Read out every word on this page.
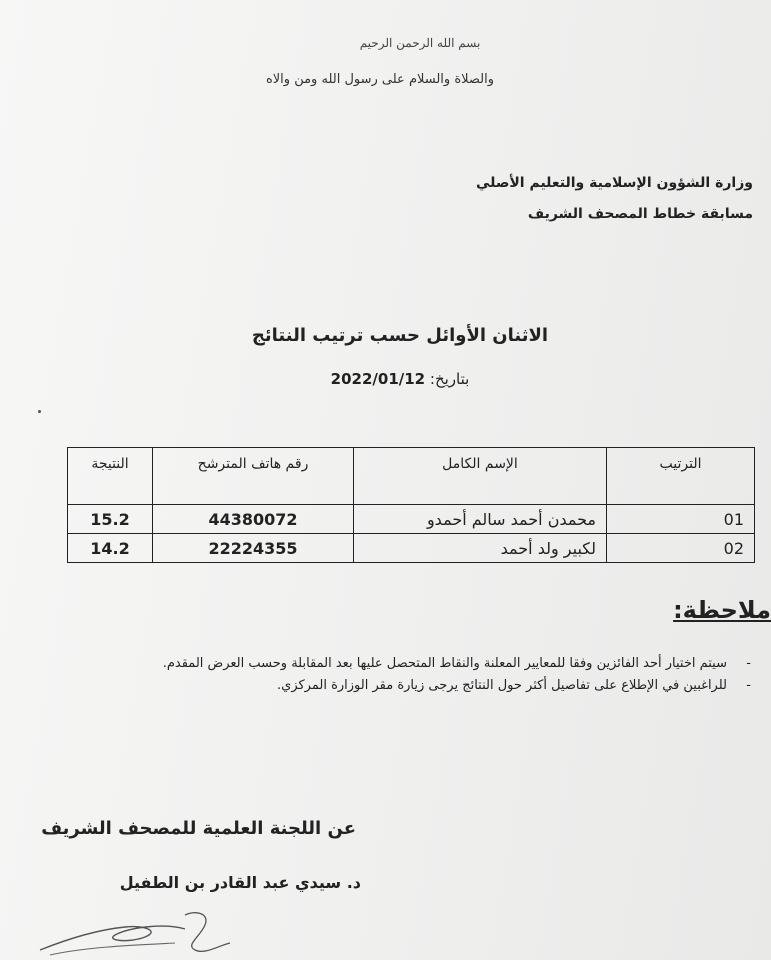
بسم الله الرحمن الرحيم
والصلاة والسلام على رسول الله ومن والاه
وزارة الشؤون الإسلامية والتعليم الأصلي
مسابقة خطاط المصحف الشريف
الاثنان الأوائل حسب ترتيب النتائج
بتاريخ: 2022/01/12
الترتيب	الإسم الكامل	رقم هاتف المترشح	النتيجة
01	محمدن أحمد سالم أحمدو	44380072	15.2
02	لكبير ولد أحمد	22224355	14.2
ملاحظة:
-
سيتم اختيار أحد الفائزين وفقا للمعايير المعلنة والنقاط المتحصل عليها بعد المقابلة وحسب العرض المقدم.
-
للراغبين في الإطلاع على تفاصيل أكثر حول النتائج يرجى زيارة مقر الوزارة المركزي.
عن اللجنة العلمية للمصحف الشريف
د. سيدي عبد القادر بن الطفيل
